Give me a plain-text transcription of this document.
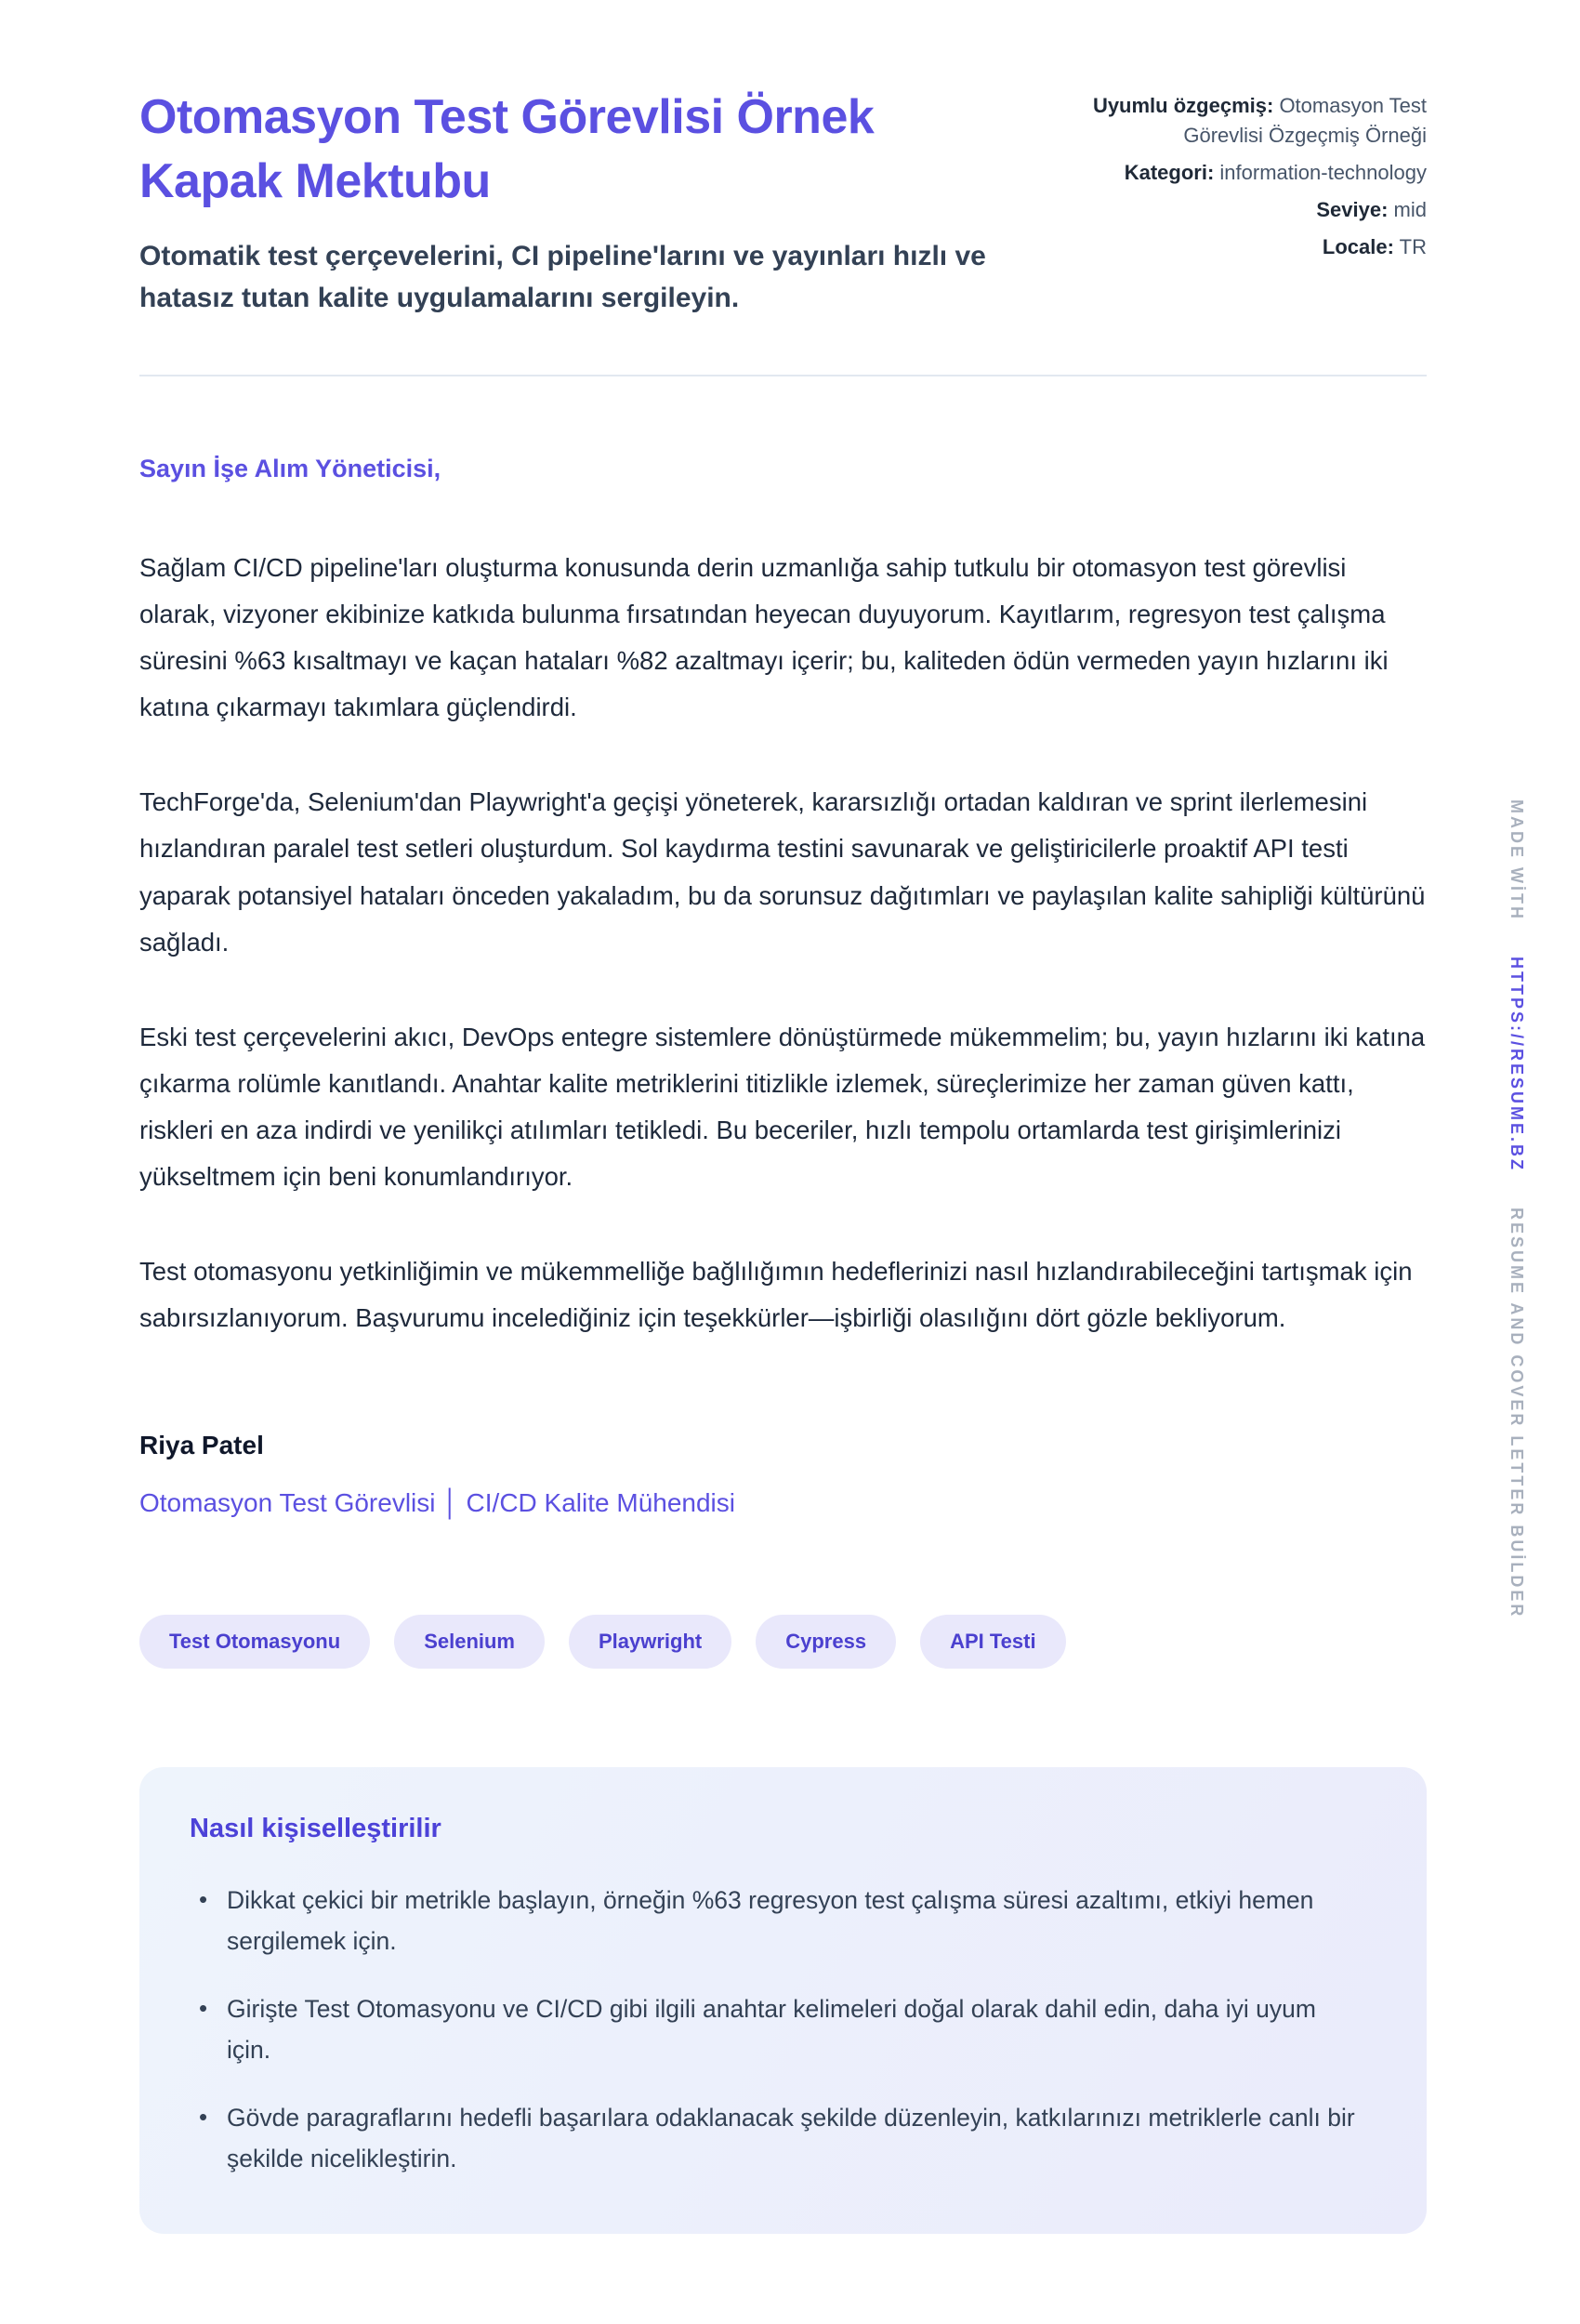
Otomasyon Test Görevlisi Örnek Kapak Mektubu

Otomatik test çerçevelerini, CI pipeline'larını ve yayınları hızlı ve hatasız tutan kalite uygulamalarını sergileyin.

Uyumlu özgeçmiş: Otomasyon Test Görevlisi Özgeçmiş Örneği
Kategori: information-technology
Seviye: mid
Locale: TR

Sayın İşe Alım Yöneticisi,

Sağlam CI/CD pipeline'ları oluşturma konusunda derin uzmanlığa sahip tutkulu bir otomasyon test görevlisi olarak, vizyoner ekibinize katkıda bulunma fırsatından heyecan duyuyorum. Kayıtlarım, regresyon test çalışma süresini %63 kısaltmayı ve kaçan hataları %82 azaltmayı içerir; bu, kaliteden ödün vermeden yayın hızlarını iki katına çıkarmayı takımlara güçlendirdi.

TechForge'da, Selenium'dan Playwright'a geçişi yöneterek, kararsızlığı ortadan kaldıran ve sprint ilerlemesini hızlandıran paralel test setleri oluşturdum. Sol kaydırma testini savunarak ve geliştiricilerle proaktif API testi yaparak potansiyel hataları önceden yakaladım, bu da sorunsuz dağıtımları ve paylaşılan kalite sahipliği kültürünü sağladı.

Eski test çerçevelerini akıcı, DevOps entegre sistemlere dönüştürmede mükemmelim; bu, yayın hızlarını iki katına çıkarma rolümle kanıtlandı. Anahtar kalite metriklerini titizlikle izlemek, süreçlerimize her zaman güven kattı, riskleri en aza indirdi ve yenilikçi atılımları tetikledi. Bu beceriler, hızlı tempolu ortamlarda test girişimlerinizi yükseltmem için beni konumlandırıyor.

Test otomasyonu yetkinliğimin ve mükemmelliğe bağlılığımın hedeflerinizi nasıl hızlandırabileceğini tartışmak için sabırsızlanıyorum. Başvurumu incelediğiniz için teşekkürler—işbirliği olasılığını dört gözle bekliyorum.

Riya Patel

Otomasyon Test Görevlisi │ CI/CD Kalite Mühendisi

Test Otomasyonu	Selenium	Playwright	Cypress	API Testi
Nasıl kişiselleştirilir
• Dikkat çekici bir metrikle başlayın, örneğin %63 regresyon test çalışma süresi azaltımı, etkiyi hemen sergilemek için.
• Girişte Test Otomasyonu ve CI/CD gibi ilgili anahtar kelimeleri doğal olarak dahil edin, daha iyi uyum için.
• Gövde paragraflarını hedefli başarılara odaklanacak şekilde düzenleyin, katkılarınızı metriklerle canlı bir şekilde nicelikleştirin.
MADE WİTH HTTPS://RESUME.BZ RESUME AND COVER LETTER BUİLDER
